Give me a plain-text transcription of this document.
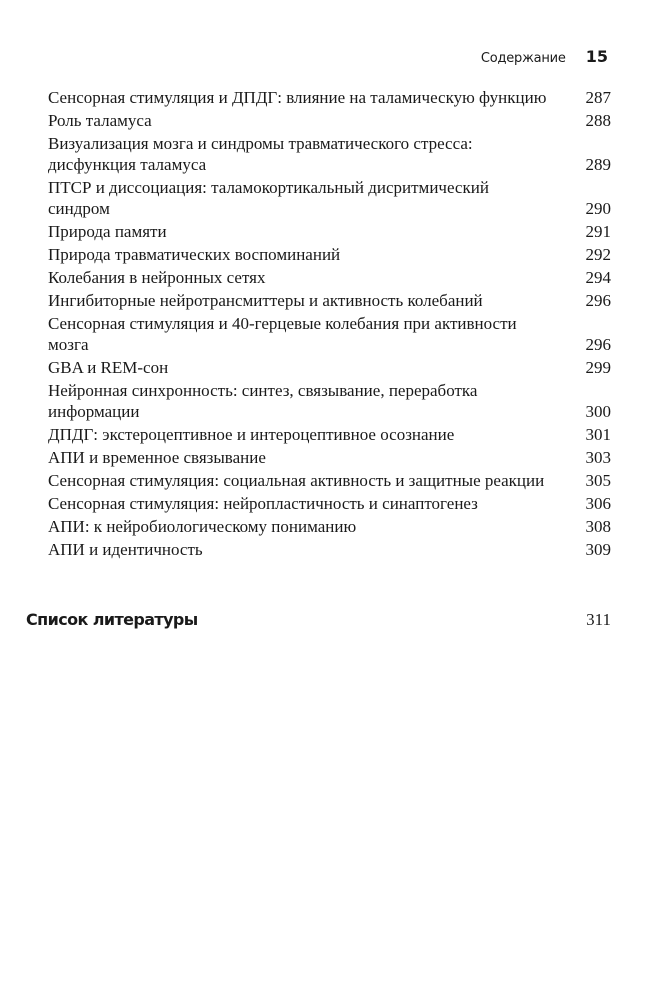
Содержание 15
Сенсорная стимуляция и ДПДГ: влияние на таламическую функцию	287
Роль таламуса	288
Визуализация мозга и синдромы травматического стресса: дисфункция таламуса	289
ПТСР и диссоциация: таламокортикальный дисритмический синдром	290
Природа памяти	291
Природа травматических воспоминаний	292
Колебания в нейронных сетях	294
Ингибиторные нейротрансмиттеры и активность колебаний	296
Сенсорная стимуляция и 40-герцевые колебания при активности мозга	296
GBA и REM-сон	299
Нейронная синхронность: синтез, связывание, переработка информации	300
ДПДГ: экстероцептивное и интероцептивное осознание	301
АПИ и временное связывание	303
Сенсорная стимуляция: социальная активность и защитные реакции	305
Сенсорная стимуляция: нейропластичность и синаптогенез	306
АПИ: к нейробиологическому пониманию	308
АПИ и идентичность	309
Список литературы	311
